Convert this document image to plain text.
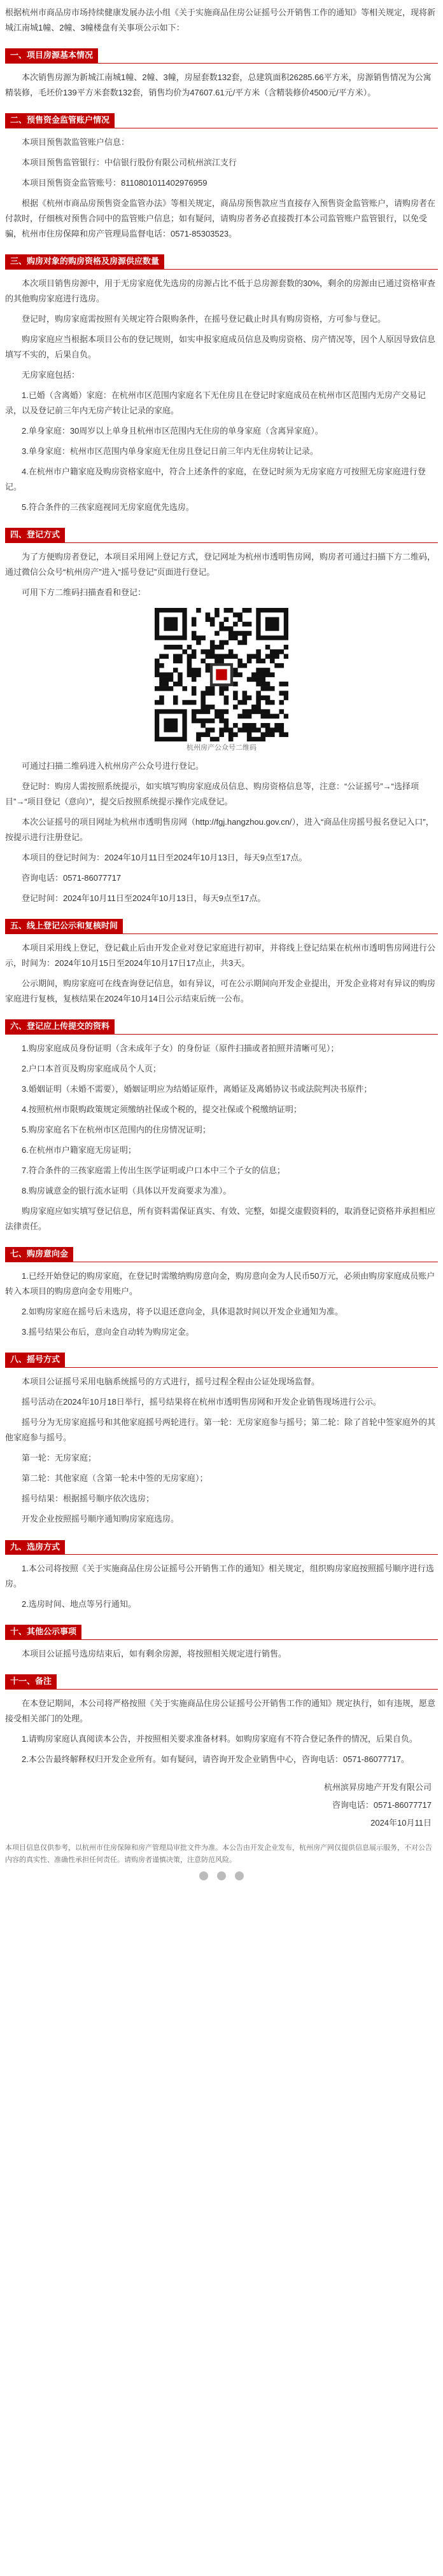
根据杭州市商品房市场持续健康发展办法小组《关于实施商品住房公证摇号公开销售工作的通知》等相关规定，现将新城江南城1幢、2幢、3幢楼盘有关事项公示如下：

一、项目房源基本情况

本次销售房源为新城江南城1幢、2幢、3幢，房屋套数132套，总建筑面积26285.66平方米，房源销售情况为公寓精装修，毛坯价139平方米套数132套，销售均价为47607.61元/平方米（含精装修价4500元/平方米）。

二、预售资金监管账户情况

本项目预售款监管账户信息：

本项目预售监管银行：中信银行股份有限公司杭州滨江支行

本项目预售资金监管账号：8110801011402976959

根据《杭州市商品房预售资金监管办法》等相关规定，商品房预售款应当直接存入预售资金监管账户，请购房者在付款时，仔细核对预售合同中的监管账户信息；如有疑问，请购房者务必直接拨打本公司监管账户监管银行，以免受骗，杭州市住房保障和房产管理局监督电话：0571-85303523。

三、购房对象的购房资格及房源供应数量

本次项目销售房源中，用于无房家庭优先选房的房源占比不低于总房源套数的30%，剩余的房源由已通过资格审查的其他购房家庭进行选房。

登记时，购房家庭需按照有关规定符合限购条件，在摇号登记截止时具有购房资格，方可参与登记。

购房家庭应当根据本项目公布的登记规则，如实申报家庭成员信息及购房资格、房产情况等，因个人原因导致信息填写不实的，后果自负。

无房家庭包括：

1.已婚（含离婚）家庭：在杭州市区范围内家庭名下无住房且在登记时家庭成员在杭州市区范围内无房产交易记录，以及登记前三年内无房产转让记录的家庭。

2.单身家庭：30周岁以上单身且杭州市区范围内无住房的单身家庭（含离异家庭）。

3.单身家庭：杭州市区范围内单身家庭无住房且登记日前三年内无住房转让记录。

4.在杭州市户籍家庭及购房资格家庭中，符合上述条件的家庭，在登记时须为无房家庭方可按照无房家庭进行登记。

5.符合条件的三孩家庭视同无房家庭优先选房。

四、登记方式

为了方便购房者登记，本项目采用网上登记方式，登记网址为杭州市透明售房网，购房者可通过扫描下方二维码，通过微信公众号“杭州房产”进入“摇号登记”页面进行登记。

可用下方二维码扫描查看和登记：

杭州房产公众号二维码

可通过扫描二维码进入杭州房产公众号进行登记。

登记时：购房人需按照系统提示，如实填写购房家庭成员信息、购房资格信息等，注意：“公证摇号”→“选择项目”→“项目登记（意向）”，提交后按照系统提示操作完成登记。

本次公证摇号的项目网址为杭州市透明售房网（http://fgj.hangzhou.gov.cn/），进入“商品住房摇号报名登记入口”，按提示进行注册登记。

本项目的登记时间为：2024年10月11日至2024年10月13日，每天9点至17点。

咨询电话：0571-86077717

登记时间：2024年10月11日至2024年10月13日，每天9点至17点。

五、线上登记公示和复核时间

本项目采用线上登记，登记截止后由开发企业对登记家庭进行初审，并将线上登记结果在杭州市透明售房网进行公示，时间为：2024年10月15日至2024年10月17日17点止，共3天。

公示期间，购房家庭可在线查询登记信息，如有异议，可在公示期间向开发企业提出，开发企业将对有异议的购房家庭进行复核，复核结果在2024年10月14日公示结束后统一公布。

六、登记应上传提交的资料

1.购房家庭成员身份证明（含未成年子女）的身份证（原件扫描或者拍照并清晰可见）；

2.户口本首页及购房家庭成员个人页；

3.婚姻证明（未婚不需要），婚姻证明应为结婚证原件，离婚证及离婚协议书或法院判决书原件；

4.按照杭州市限购政策规定须缴纳社保或个税的，提交社保或个税缴纳证明；

5.购房家庭名下在杭州市区范围内的住房情况证明；

6.在杭州市户籍家庭无房证明；

7.符合条件的三孩家庭需上传出生医学证明或户口本中三个子女的信息；

8.购房诚意金的银行流水证明（具体以开发商要求为准）。

购房家庭应如实填写登记信息，所有资料需保证真实、有效、完整，如提交虚假资料的，取消登记资格并承担相应法律责任。

七、购房意向金

1.已经开始登记的购房家庭，在登记时需缴纳购房意向金，购房意向金为人民币50万元，必须由购房家庭成员账户转入本项目的购房意向金专用账户。

2.如购房家庭在摇号后未选房，将予以退还意向金，具体退款时间以开发企业通知为准。

3.摇号结果公布后，意向金自动转为购房定金。

八、摇号方式

本项目公证摇号采用电脑系统摇号的方式进行，摇号过程全程由公证处现场监督。

摇号活动在2024年10月18日举行，摇号结果将在杭州市透明售房网和开发企业销售现场进行公示。

摇号分为无房家庭摇号和其他家庭摇号两轮进行。第一轮：无房家庭参与摇号；第二轮：除了首轮中签家庭外的其他家庭参与摇号。

第一轮：无房家庭；

第二轮：其他家庭（含第一轮未中签的无房家庭）；

摇号结果：根据摇号顺序依次选房；

开发企业按照摇号顺序通知购房家庭选房。

九、选房方式

1.本公司将按照《关于实施商品住房公证摇号公开销售工作的通知》相关规定，组织购房家庭按照摇号顺序进行选房。

2.选房时间、地点等另行通知。

十、其他公示事项

本项目公证摇号选房结束后，如有剩余房源，将按照相关规定进行销售。

十一、备注

在本登记期间，本公司将严格按照《关于实施商品住房公证摇号公开销售工作的通知》规定执行，如有违规，愿意接受相关部门的处理。

1.请购房家庭认真阅读本公告，并按照相关要求准备材料。如购房家庭有不符合登记条件的情况，后果自负。

2.本公告最终解释权归开发企业所有。如有疑问，请咨询开发企业销售中心，咨询电话：0571-86077717。

杭州滨昇房地产开发有限公司

咨询电话：0571-86077717

2024年10月11日

本项目信息仅供参考，以杭州市住房保障和房产管理局审批文件为准。本公告由开发企业发布，杭州房产网仅提供信息展示服务，不对公告内容的真实性、准确性承担任何责任。请购房者谨慎决策，注意防范风险。
